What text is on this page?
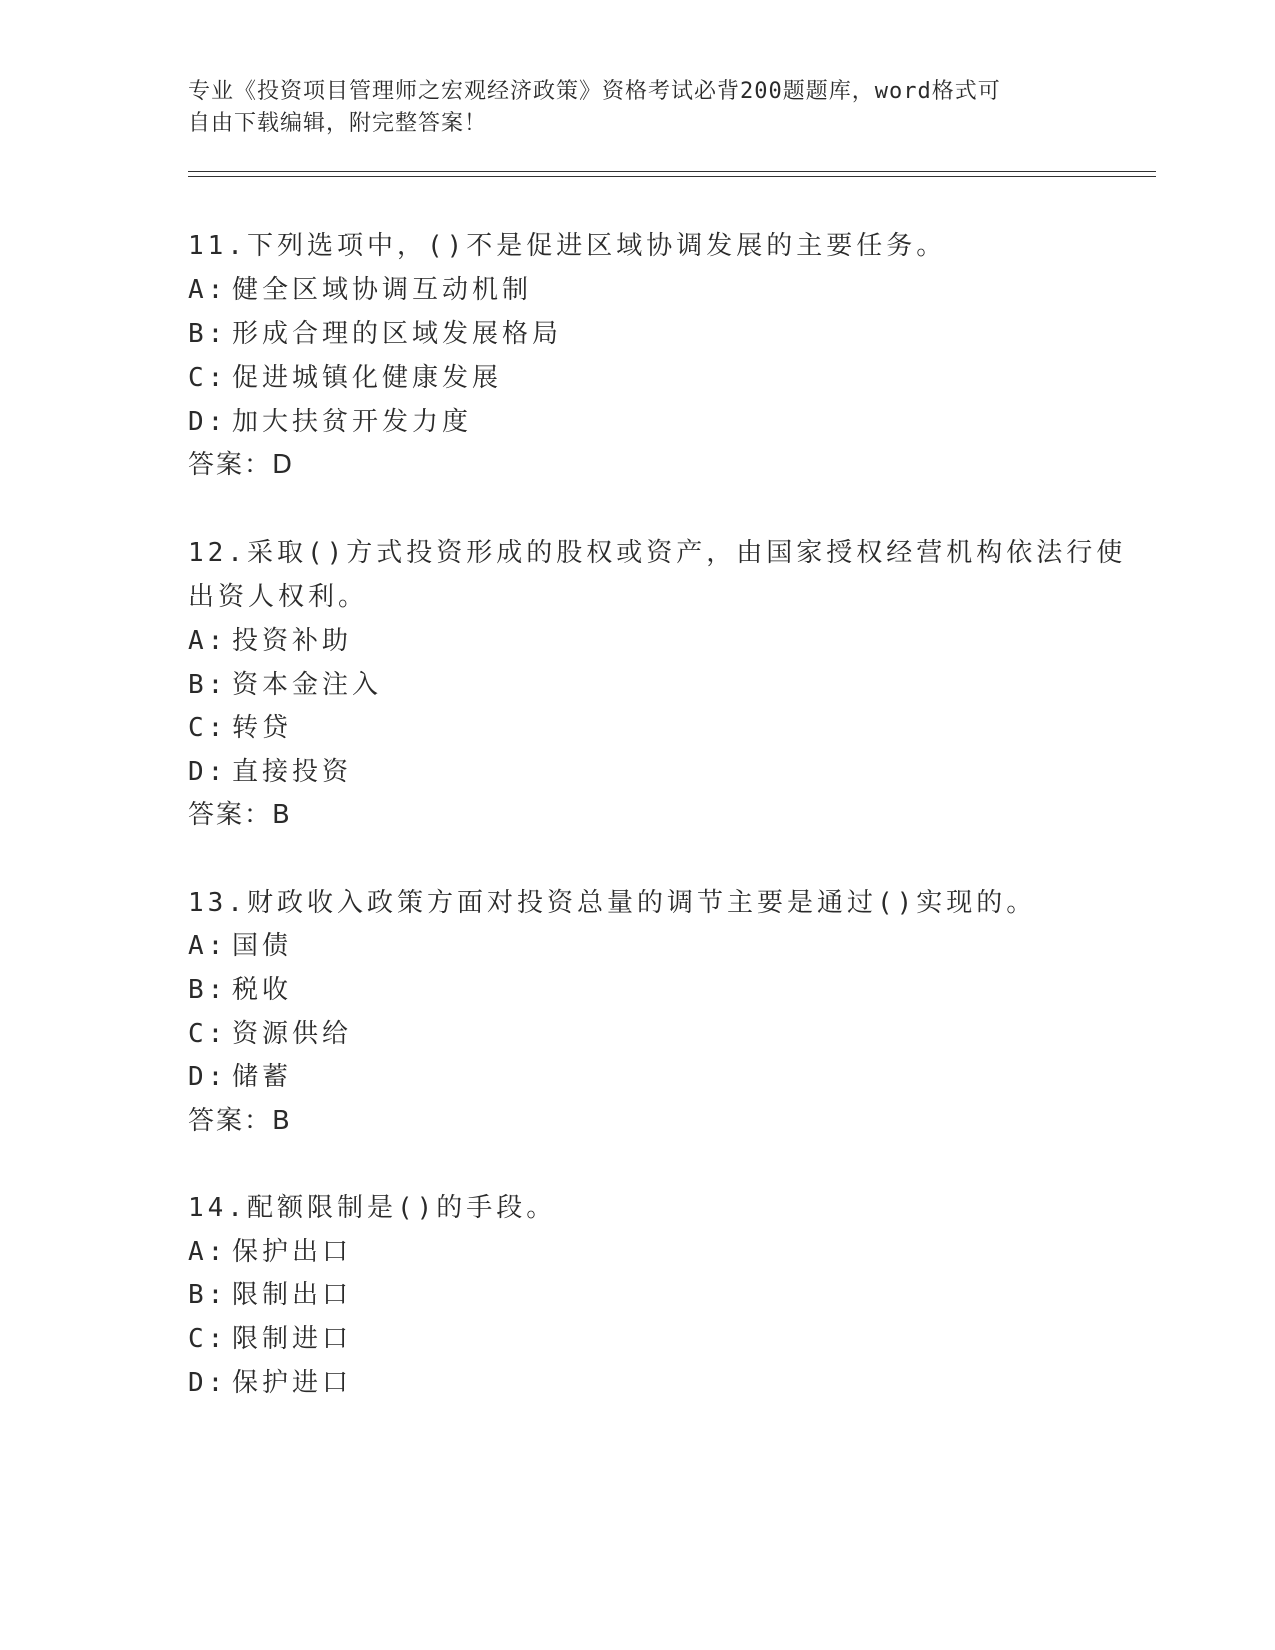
专业《投资项目管理师之宏观经济政策》资格考试必背200题题库，word格式可

自由下载编辑，附完整答案！

11.下列选项中，()不是促进区域协调发展的主要任务。
A: 健全区域协调互动机制
B: 形成合理的区域发展格局
C: 促进城镇化健康发展
D: 加大扶贫开发力度
答案：D
12.采取()方式投资形成的股权或资产，由国家授权经营机构依法行使
出资人权利。
A: 投资补助
B: 资本金注入
C: 转贷
D: 直接投资
答案：B
13.财政收入政策方面对投资总量的调节主要是通过()实现的。
A: 国债
B: 税收
C: 资源供给
D: 储蓄
答案：B
14.配额限制是()的手段。
A: 保护出口
B: 限制出口
C: 限制进口
D: 保护进口
